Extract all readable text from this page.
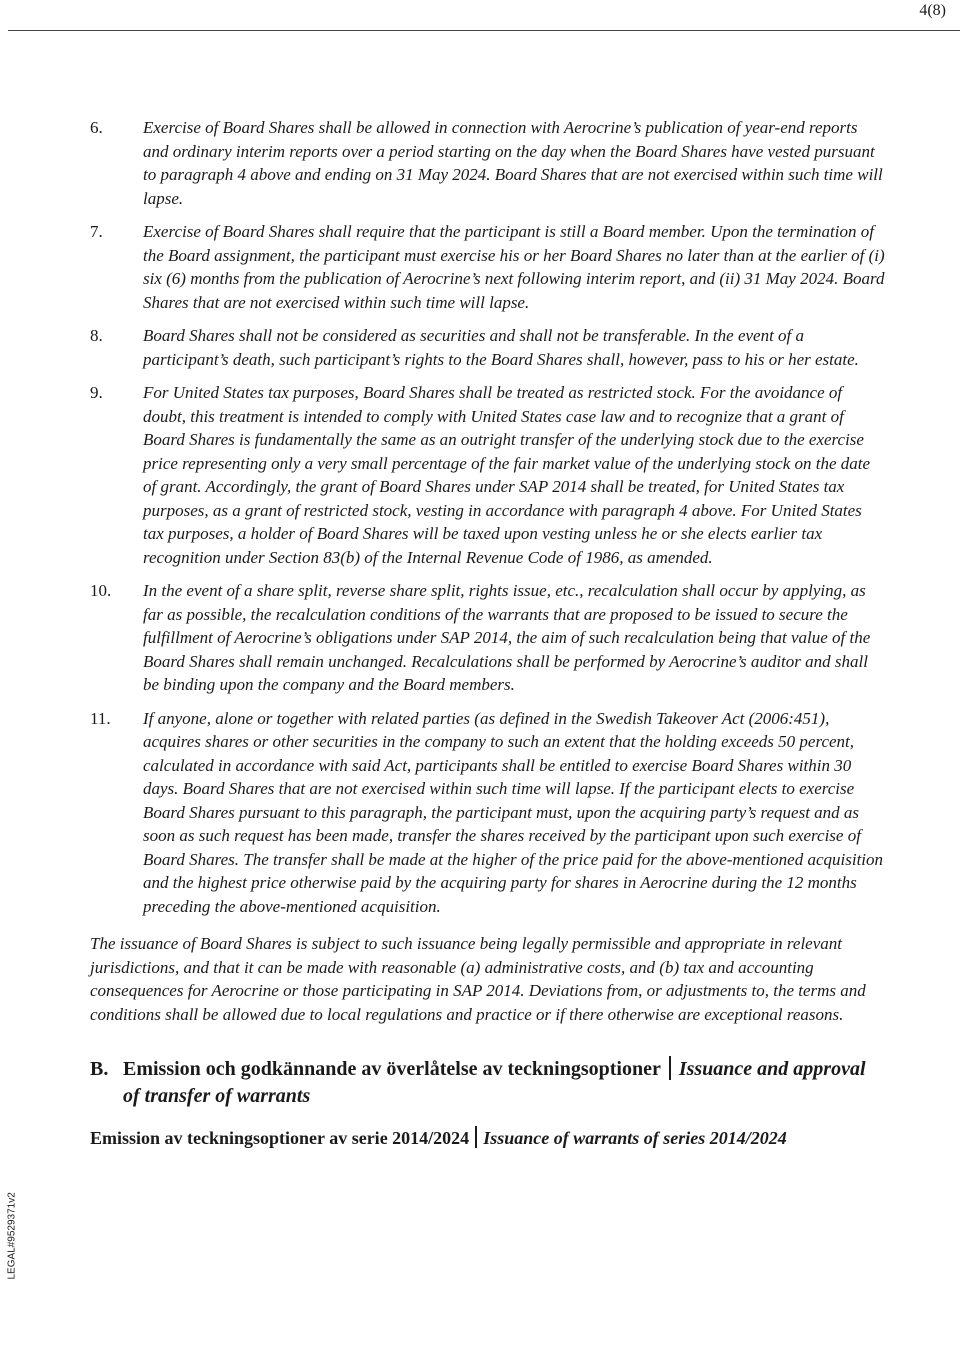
4(8)
LEGAL#9529371v2
6.	Exercise of Board Shares shall be allowed in connection with Aerocrine’s publication of year-end reports and ordinary interim reports over a period starting on the day when the Board Shares have vested pursuant to paragraph 4 above and ending on 31 May 2024. Board Shares that are not exercised within such time will lapse.
7.	Exercise of Board Shares shall require that the participant is still a Board member. Upon the termination of the Board assignment, the participant must exercise his or her Board Shares no later than at the earlier of (i) six (6) months from the publication of Aerocrine’s next following interim report, and (ii) 31 May 2024. Board Shares that are not exercised within such time will lapse.
8.	Board Shares shall not be considered as securities and shall not be transferable. In the event of a participant’s death, such participant’s rights to the Board Shares shall, however, pass to his or her estate.
9.	For United States tax purposes, Board Shares shall be treated as restricted stock. For the avoidance of doubt, this treatment is intended to comply with United States case law and to recognize that a grant of Board Shares is fundamentally the same as an outright transfer of the underlying stock due to the exercise price representing only a very small percentage of the fair market value of the underlying stock on the date of grant. Accordingly, the grant of Board Shares under SAP 2014 shall be treated, for United States tax purposes, as a grant of restricted stock, vesting in accordance with paragraph 4 above. For United States tax purposes, a holder of Board Shares will be taxed upon vesting unless he or she elects earlier tax recognition under Section 83(b) of the Internal Revenue Code of 1986, as amended.
10.	In the event of a share split, reverse share split, rights issue, etc., recalculation shall occur by applying, as far as possible, the recalculation conditions of the warrants that are proposed to be issued to secure the fulfillment of Aerocrine’s obligations under SAP 2014, the aim of such recalculation being that value of the Board Shares shall remain unchanged. Recalculations shall be performed by Aerocrine’s auditor and shall be binding upon the company and the Board members.
11.	If anyone, alone or together with related parties (as defined in the Swedish Takeover Act (2006:451), acquires shares or other securities in the company to such an extent that the holding exceeds 50 percent, calculated in accordance with said Act, participants shall be entitled to exercise Board Shares within 30 days. Board Shares that are not exercised within such time will lapse. If the participant elects to exercise Board Shares pursuant to this paragraph, the participant must, upon the acquiring party’s request and as soon as such request has been made, transfer the shares received by the participant upon such exercise of Board Shares. The transfer shall be made at the higher of the price paid for the above-mentioned acquisition and the highest price otherwise paid by the acquiring party for shares in Aerocrine during the 12 months preceding the above-mentioned acquisition.
The issuance of Board Shares is subject to such issuance being legally permissible and appropriate in relevant jurisdictions, and that it can be made with reasonable (a) administrative costs, and (b) tax and accounting consequences for Aerocrine or those participating in SAP 2014. Deviations from, or adjustments to, the terms and conditions shall be allowed due to local regulations and practice or if there otherwise are exceptional reasons.
B. Emission och godkännande av överlåtelse av teckningsoptioner Issuance and approval of transfer of warrants
Emission av teckningsoptioner av serie 2014/2024 Issuance of warrants of series 2014/2024
